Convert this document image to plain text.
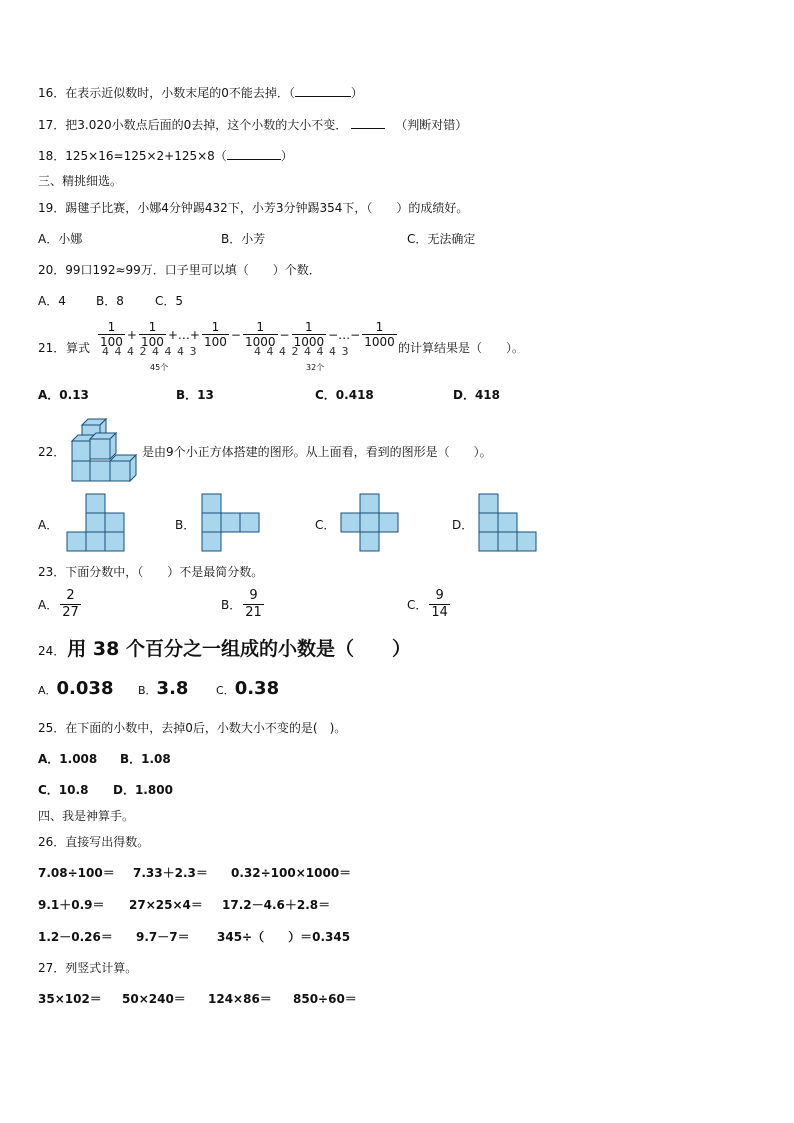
16．在表示近似数时，小数末尾的0不能去掉．（	）
17．把3.020小数点后面的0去掉，这个小数的大小不变．	（判断对错）
18．125×16=125×2+125×8（	）
三、精挑细选。
19．踢毽子比赛，小娜4分钟踢432下，小芳3分钟踢354下，（　　）的成绩好。
A．小娜	B．小芳	C．无法确定
20．99口192≈99万．口子里可以填（　　）个数．
A．4	B．8	C．5
21． 算式 $\frac{1}{100} + \frac{1}{100}$ +…+ $\frac{1}{100} - \frac{1}{1000} - \frac{1}{1000}$ −…− $\frac{1}{1000}$
4 4 4 2 4 4 4 3	4 4 4 2 4 4 4 3
45个	32个
的计算结果是（　　）。
A．0.13	B．13	C．0.418	D．418
22．	是由9个小正方体搭建的图形。从上面看，看到的图形是（　　）。
A．	B．	C．	D．
23．下面分数中，（　　）不是最简分数。
A． $\frac{2}{27}$	B． $\frac{9}{21}$	C． $\frac{9}{14}$
24． 用 38 个百分之一组成的小数是（　　）
A．0.038 B．3.8	C．0.38
25．在下面的小数中，去掉0后，小数大小不变的是(　)。
A．1.008 B．1.08
C．10.8 D．1.800
四、我是神算手。
26．直接写出得数。
7.08÷100＝ 7.33＋2.3＝ 0.32÷100×1000＝
9.1＋0.9＝ 27×25×4＝ 17.2－4.6＋2.8＝
1.2－0.26＝ 9.7－7＝ 345÷（　　）＝0.345
27．列竖式计算。
35×102＝ 50×240＝ 124×86＝ 850÷60＝
